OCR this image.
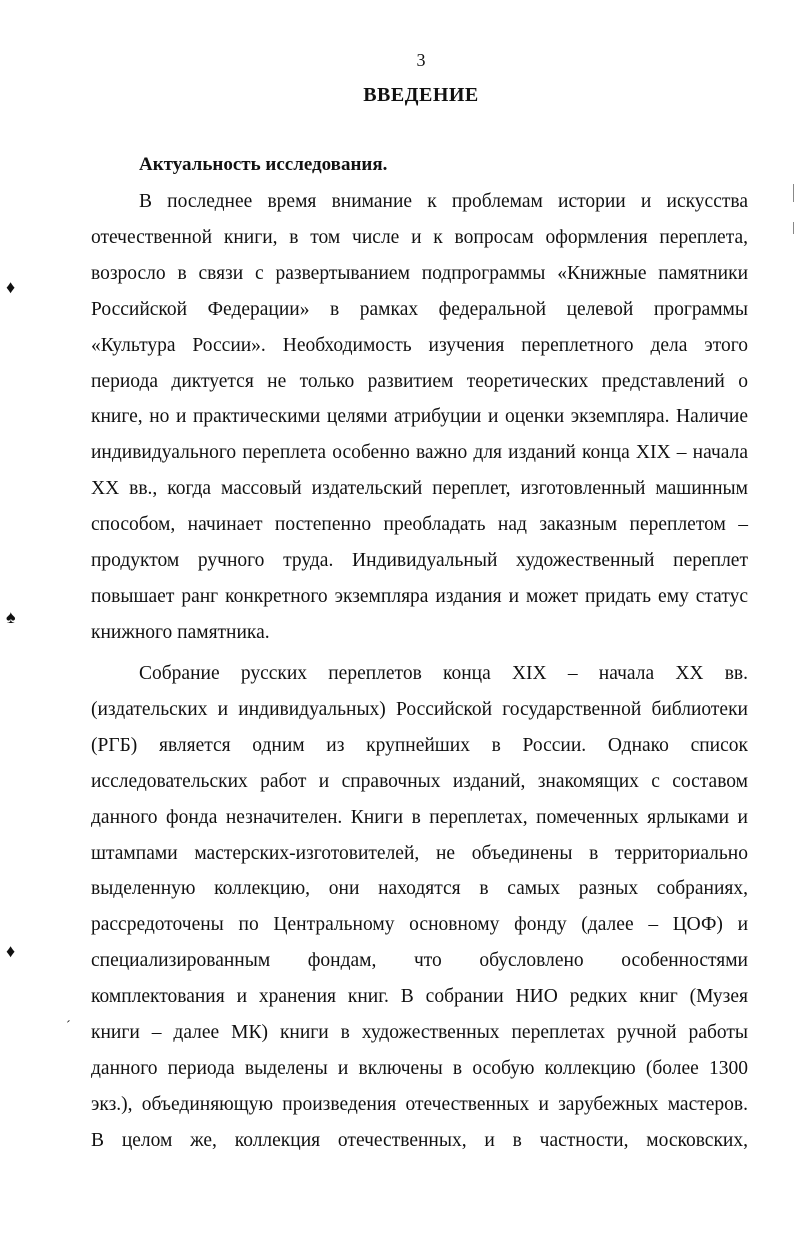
3
ВВЕДЕНИЕ
Актуальность исследования.
В последнее время внимание к проблемам истории и искусства
отечественной книги, в том числе и к вопросам оформления переплета,
возросло в связи с развертыванием подпрограммы «Книжные памятники
Российской Федерации» в рамках федеральной целевой программы
«Культура России». Необходимость изучения переплетного дела этого
периода диктуется не только развитием теоретических представлений о
книге, но и практическими целями атрибуции и оценки экземпляра. Наличие
индивидуального переплета особенно важно для изданий конца XIX – начала
XX вв., когда массовый издательский переплет, изготовленный машинным
способом, начинает постепенно преобладать над заказным переплетом –
продуктом ручного труда. Индивидуальный художественный переплет
повышает ранг конкретного экземпляра издания и может придать ему статус
книжного памятника.
Собрание русских переплетов конца XIX – начала XX вв.
(издательских и индивидуальных) Российской государственной библиотеки
(РГБ) является одним из крупнейших в России. Однако список
исследовательских работ и справочных изданий, знакомящих с составом
данного фонда незначителен. Книги в переплетах, помеченных ярлыками и
штампами мастерских-изготовителей, не объединены в территориально
выделенную коллекцию, они находятся в самых разных собраниях,
рассредоточены по Центральному основному фонду (далее – ЦОФ) и
специализированным фондам, что обусловлено особенностями
комплектования и хранения книг. В собрании НИО редких книг (Музея
книги – далее МК) книги в художественных переплетах ручной работы
данного периода выделены и включены в особую коллекцию (более 1300
экз.), объединяющую произведения отечественных и зарубежных мастеров.
В целом же, коллекция отечественных, и в частности, московских,
♦
♠
♦
ˊ
